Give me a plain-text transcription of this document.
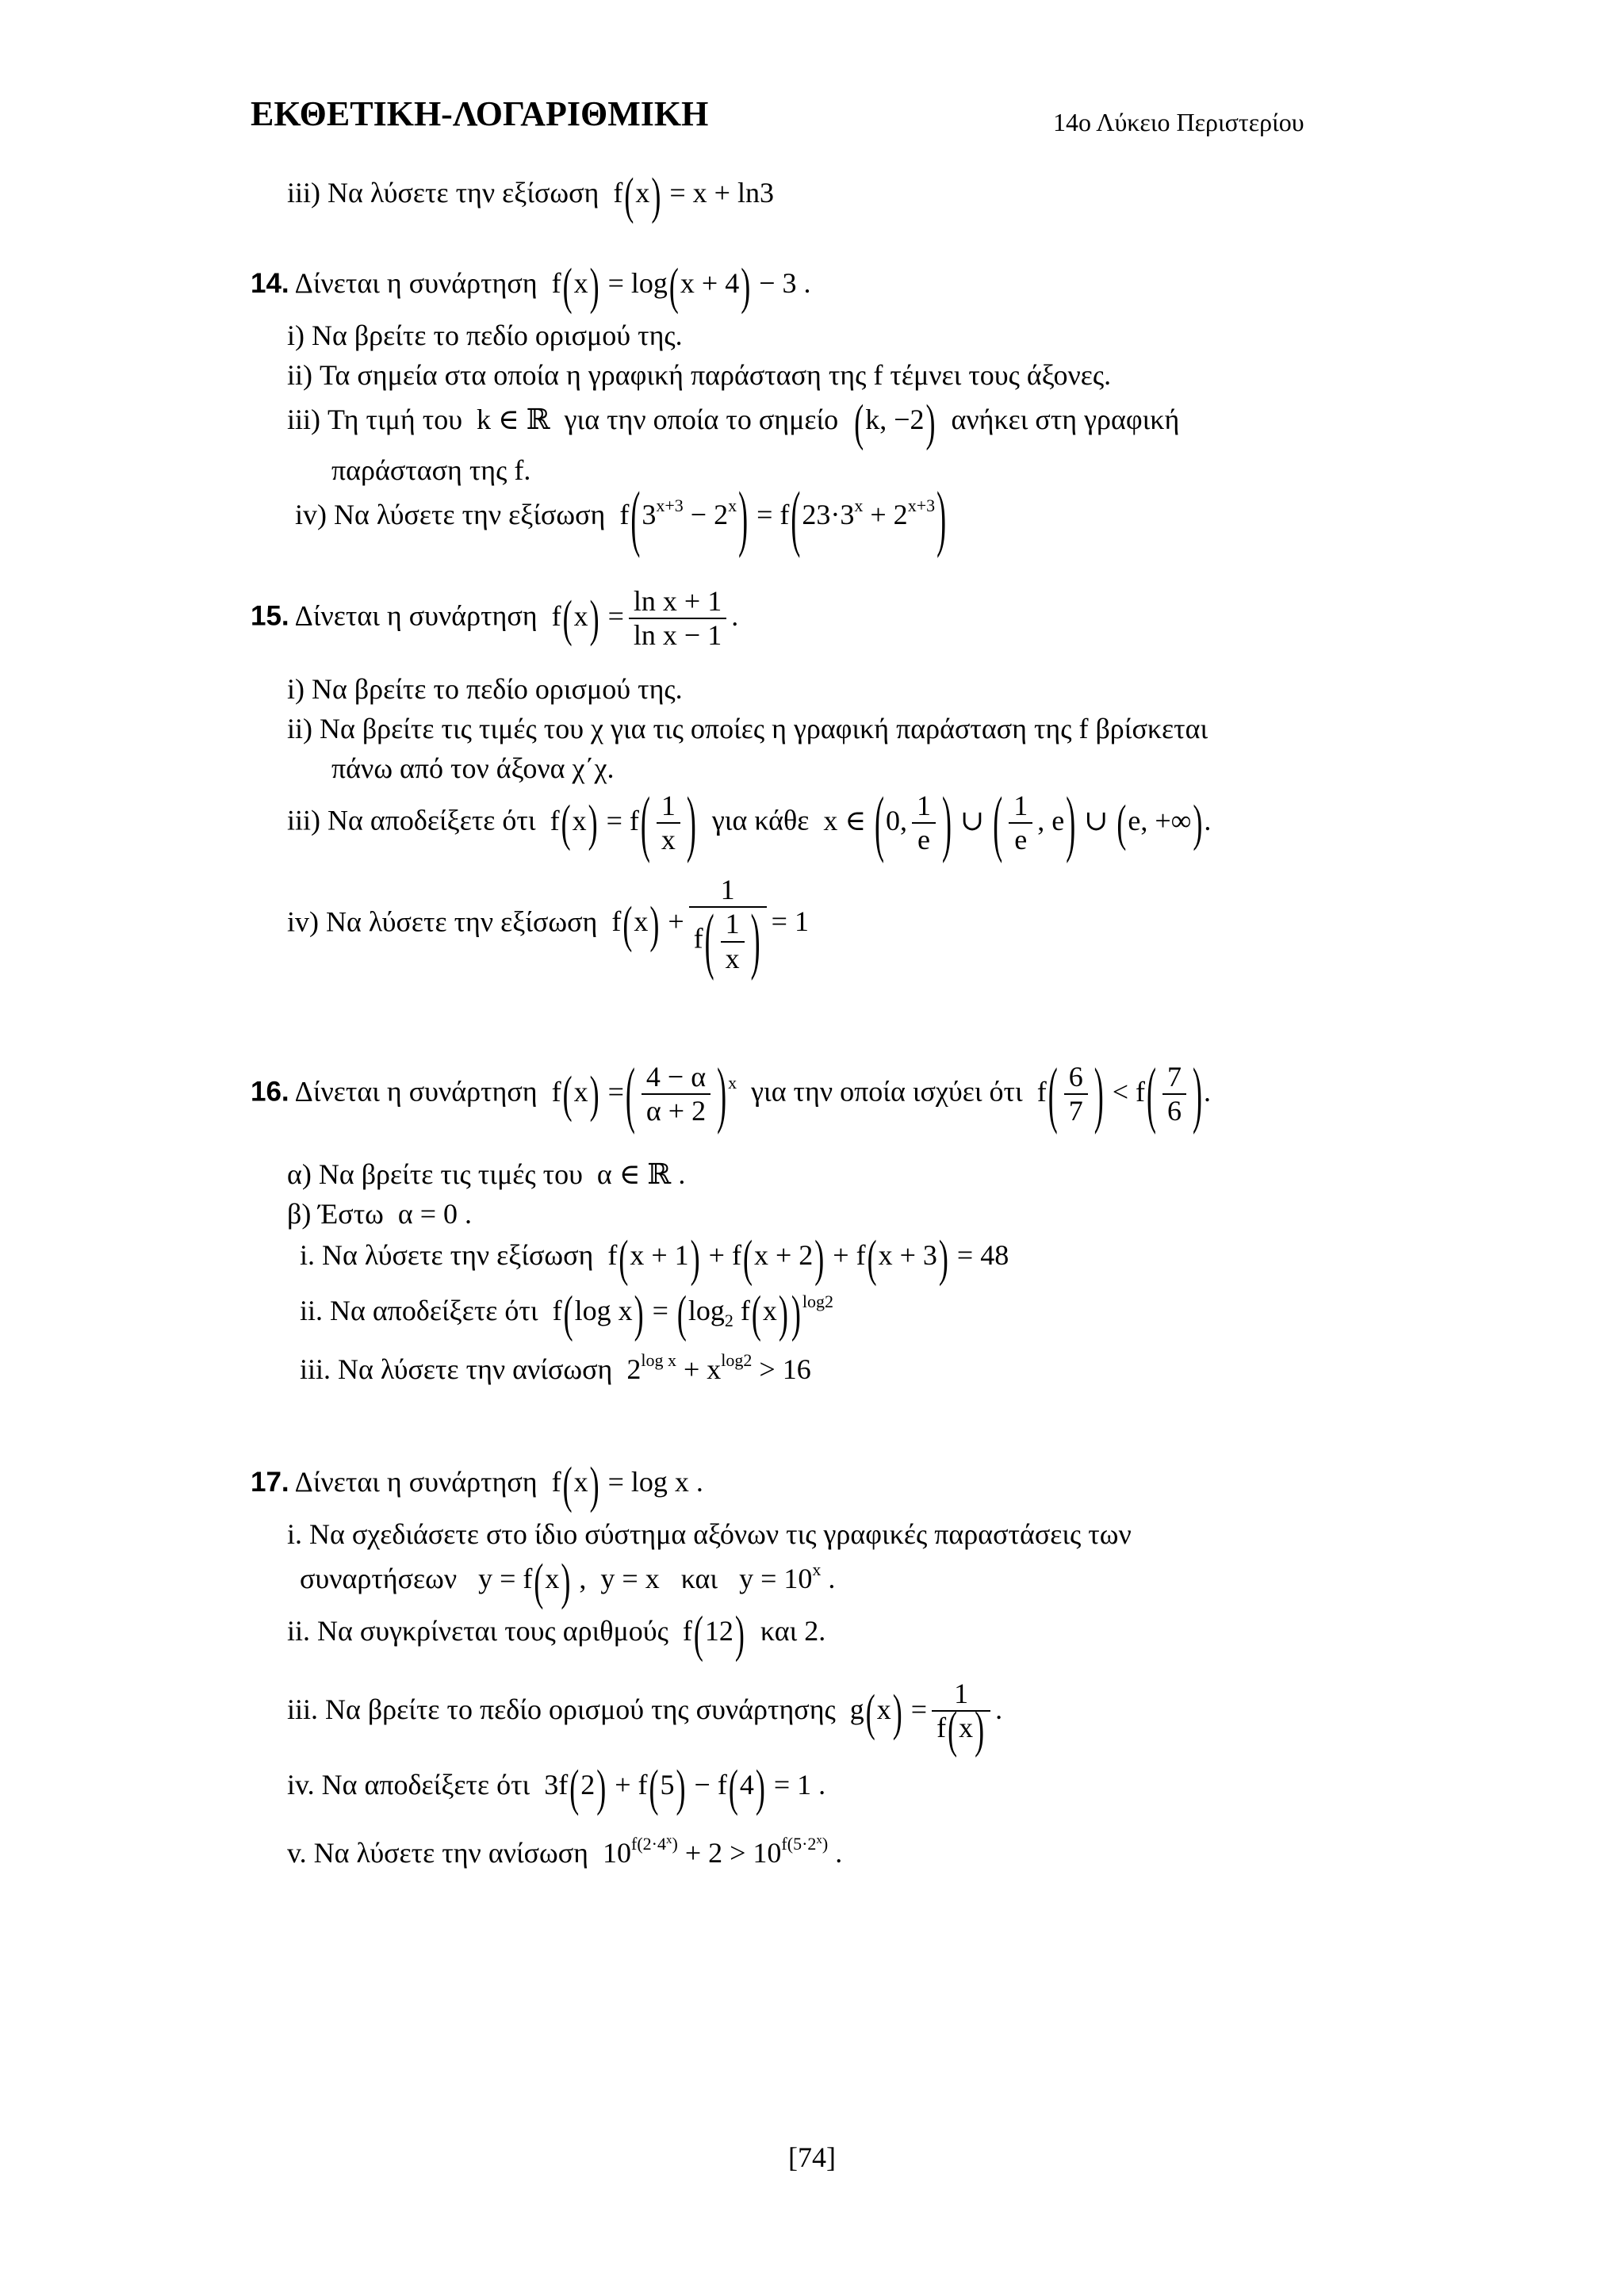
ΕΚΘΕΤΙΚΗ-ΛΟΓΑΡΙΘΜΙΚΗ	14ο Λύκειο Περιστερίου
iii) Να λύσετε την εξίσωση  f(x) = x + ln3
14. Δίνεται η συνάρτηση  f(x) = log(x + 4) − 3 .
i) Να βρείτε το πεδίο ορισμού της.
ii) Τα σημεία στα οποία η γραφική παράσταση της f τέμνει τους άξονες.
iii) Τη τιμή του  k ∈ ℝ  για την οποία το σημείο (k, −2) ανήκει στη γραφική
παράσταση της f.
iv) Να λύσετε την εξίσωση  $f(3^{x+3} - 2^x) = f(23\cdot 3^x + 2^{x+3})$
15. Δίνεται η συνάρτηση  $f(x) = \frac{\text{ln x + 1}}{\text{ln x − 1}}$ .
i) Να βρείτε το πεδίο ορισμού της.
ii) Να βρείτε τις τιμές του χ για τις οποίες η γραφική παράσταση της f βρίσκεται
πάνω από τον άξονα χ΄χ.
iii) Να αποδείξετε ότι  $f(x) = f( \frac{1}{x}$ ) για κάθε  x ∈ (0, $\frac{1}{e}$ ) ∪ ( $\frac{1}{e}$ , e) ∪ (e, +∞).
iv) Να λύσετε την εξίσωση  $f(x) + \frac{1}{f( \frac{1}{x} )} = 1$
16. Δίνεται η συνάρτηση  f(x) =( $\frac{4 - \alpha}{\alpha + 2} )^x$ για την οποία ισχύει ότι  $f( \frac{6}{7}$ ) < $f( \frac{7}{6}$ ).
α) Να βρείτε τις τιμές του  α ∈ ℝ .
β) Έστω  α = 0 .
i. Να λύσετε την εξίσωση  f(x + 1) + f(x + 2) + f(x + 3) = 48
ii. Να αποδείξετε ότι  f(log $x) = (\log_2$ f(x) )$^{log2}$
iii. Να λύσετε την ανίσωση  $2^{log x} + x^{log2} > 16$
17. Δίνεται η συνάρτηση  f(x) = log x .
i. Να σχεδιάσετε στο ίδιο σύστημα αξόνων τις γραφικές παραστάσεις των
συναρτήσεων   y = f(x) ,  y = x   και   $y = 10^x$ .
ii. Να συγκρίνεται τους αριθμούς  f(12) και 2.
iii. Να βρείτε το πεδίο ορισμού της συνάρτησης  $g(x) = \frac{1}{f(x)}$ .
iv. Να αποδείξετε ότι  3f(2) + f(5) − f(4) = 1 .
v. Να λύσετε την ανίσωση  $10^{f(2\cdot 4^x)} + 2 > 10^{f(5\cdot 2^x)}$ .
[74]
